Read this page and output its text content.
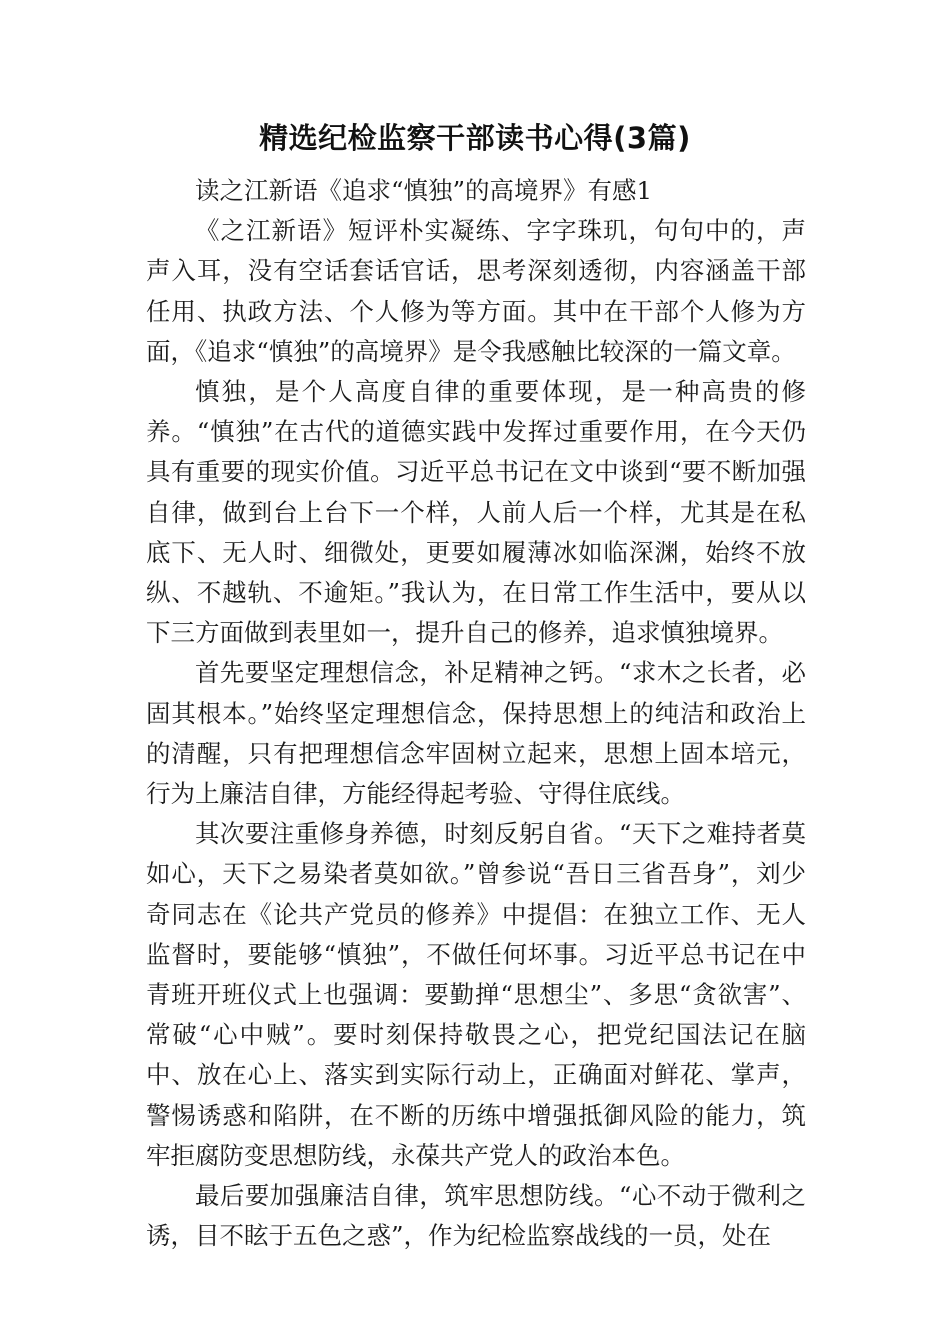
精选纪检监察干部读书心得(3篇)

读之江新语《追求“慎独”的高境界》有感1

《之江新语》短评朴实凝练、字字珠玑，句句中的，声声入耳，没有空话套话官话，思考深刻透彻，内容涵盖干部任用、执政方法、个人修为等方面。其中在干部个人修为方面，《追求“慎独”的高境界》是令我感触比较深的一篇文章。

慎独，是个人高度自律的重要体现，是一种高贵的修养。“慎独”在古代的道德实践中发挥过重要作用，在今天仍具有重要的现实价值。习近平总书记在文中谈到“要不断加强自律，做到台上台下一个样，人前人后一个样，尤其是在私底下、无人时、细微处，更要如履薄冰如临深渊，始终不放纵、不越轨、不逾矩。”我认为，在日常工作生活中，要从以下三方面做到表里如一，提升自己的修养，追求慎独境界。

首先要坚定理想信念，补足精神之钙。“求木之长者，必固其根本。”始终坚定理想信念，保持思想上的纯洁和政治上的清醒，只有把理想信念牢固树立起来，思想上固本培元，行为上廉洁自律，方能经得起考验、守得住底线。

其次要注重修身养德，时刻反躬自省。“天下之难持者莫如心，天下之易染者莫如欲。”曾参说“吾日三省吾身”，刘少奇同志在《论共产党员的修养》中提倡：在独立工作、无人监督时，要能够“慎独”，不做任何坏事。习近平总书记在中青班开班仪式上也强调：要勤掸“思想尘”、多思“贪欲害”、常破“心中贼”。要时刻保持敬畏之心，把党纪国法记在脑中、放在心上、落实到实际行动上，正确面对鲜花、掌声，警惕诱惑和陷阱，在不断的历练中增强抵御风险的能力，筑牢拒腐防变思想防线，永葆共产党人的政治本色。

最后要加强廉洁自律，筑牢思想防线。“心不动于微利之诱，目不眩于五色之惑”，作为纪检监察战线的一员，处在
